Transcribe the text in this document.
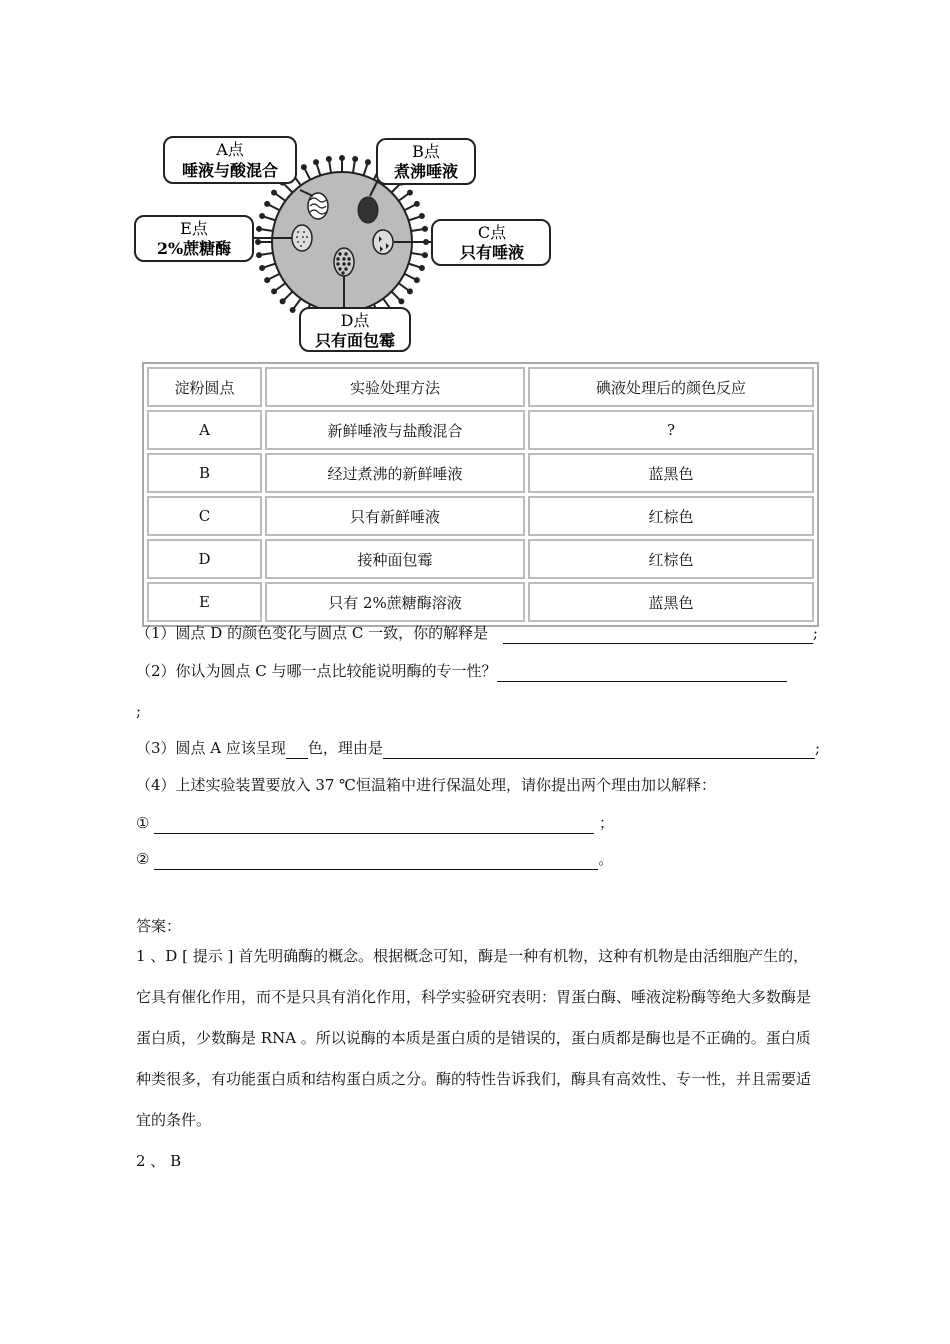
A点
唾液与酸混合
B点
煮沸唾液
C点
只有唾液
D点
只有面包霉
E点
2%蔗糖酶
淀粉圆点	实验处理方法	碘液处理后的颜色反应
A	新鲜唾液与盐酸混合	?
B	经过煮沸的新鲜唾液	蓝黑色
C	只有新鲜唾液	红棕色
D	接种面包霉	红棕色
E	只有 2%蔗糖酶溶液	蓝黑色
（1）圆点 D 的颜色变化与圆点 C 一致，你的解释是	;
（2）你认为圆点 C 与哪一点比较能说明酶的专一性？
;
（3）圆点 A 应该呈现 色，理由是	;
（4）上述实验装置要放入 37 ℃恒温箱中进行保温处理，请你提出两个理由加以解释：
①	；
②	。
答案：
1 、D [ 提示 ] 首先明确酶的概念。根据概念可知，酶是一种有机物，这种有机物是由活细胞产生的，它具有催化作用，而不是只具有消化作用，科学实验研究表明：胃蛋白酶、唾液淀粉酶等绝大多数酶是蛋白质，少数酶是 RNA 。所以说酶的本质是蛋白质的是错误的，蛋白质都是酶也是不正确的。蛋白质种类很多，有功能蛋白质和结构蛋白质之分。酶的特性告诉我们，酶具有高效性、专一性，并且需要适宜的条件。
2 、 B
